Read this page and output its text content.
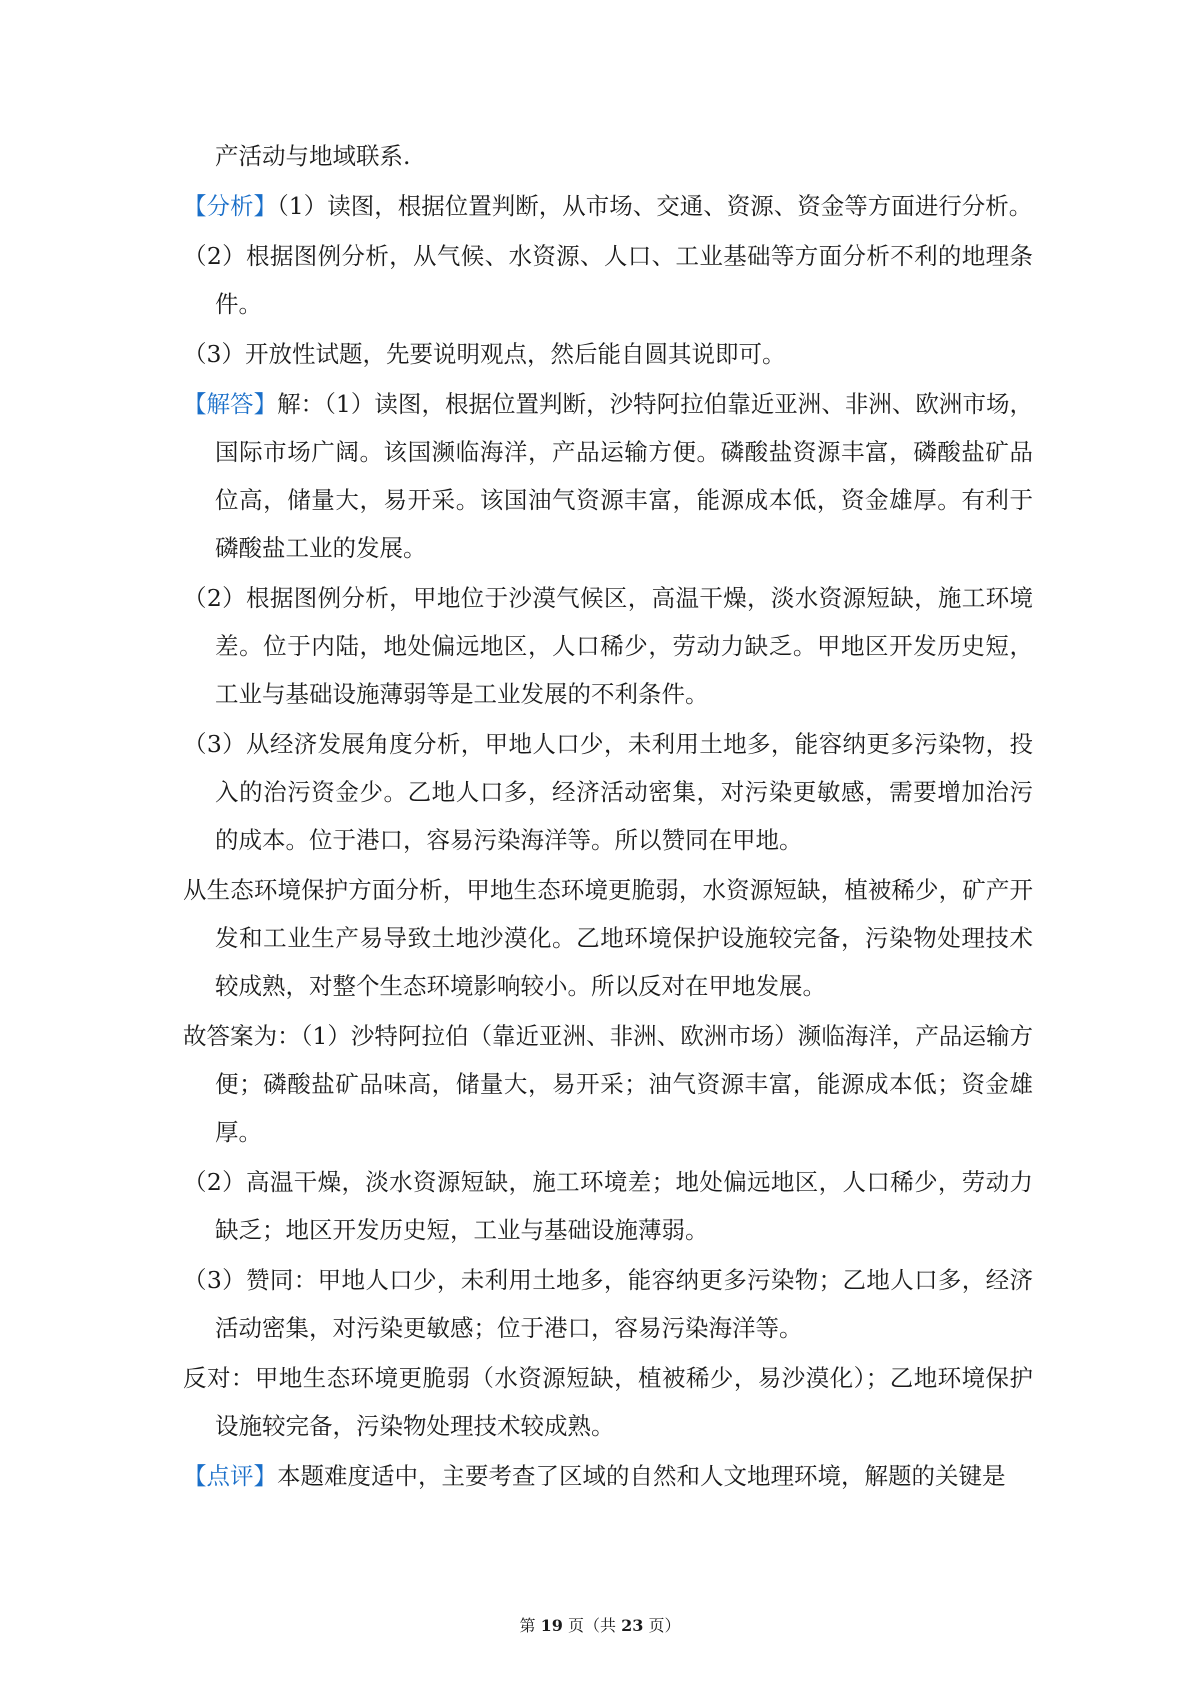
产活动与地域联系.

【分析】（1）读图，根据位置判断，从市场、交通、资源、资金等方面进行分析。

（2）根据图例分析，从气候、水资源、人口、工业基础等方面分析不利的地理条件。

（3）开放性试题，先要说明观点，然后能自圆其说即可。

【解答】解：（1）读图，根据位置判断，沙特阿拉伯靠近亚洲、非洲、欧洲市场，国际市场广阔。该国濒临海洋，产品运输方便。磷酸盐资源丰富，磷酸盐矿品位高，储量大，易开采。该国油气资源丰富，能源成本低，资金雄厚。有利于磷酸盐工业的发展。

（2）根据图例分析，甲地位于沙漠气候区，高温干燥，淡水资源短缺，施工环境差。位于内陆，地处偏远地区，人口稀少，劳动力缺乏。甲地区开发历史短，工业与基础设施薄弱等是工业发展的不利条件。

（3）从经济发展角度分析，甲地人口少，未利用土地多，能容纳更多污染物，投入的治污资金少。乙地人口多，经济活动密集，对污染更敏感，需要增加治污的成本。位于港口，容易污染海洋等。所以赞同在甲地。

从生态环境保护方面分析，甲地生态环境更脆弱，水资源短缺，植被稀少，矿产开发和工业生产易导致土地沙漠化。乙地环境保护设施较完备，污染物处理技术较成熟，对整个生态环境影响较小。所以反对在甲地发展。

故答案为：（1）沙特阿拉伯（靠近亚洲、非洲、欧洲市场）濒临海洋，产品运输方便；磷酸盐矿品味高，储量大，易开采；油气资源丰富，能源成本低；资金雄厚。

（2）高温干燥，淡水资源短缺，施工环境差；地处偏远地区，人口稀少，劳动力缺乏；地区开发历史短，工业与基础设施薄弱。

（3）赞同：甲地人口少，未利用土地多，能容纳更多污染物；乙地人口多，经济活动密集，对污染更敏感；位于港口，容易污染海洋等。

反对：甲地生态环境更脆弱（水资源短缺，植被稀少，易沙漠化）；乙地环境保护设施较完备，污染物处理技术较成熟。

【点评】本题难度适中，主要考查了区域的自然和人文地理环境，解题的关键是

第 19 页（共 23 页）
